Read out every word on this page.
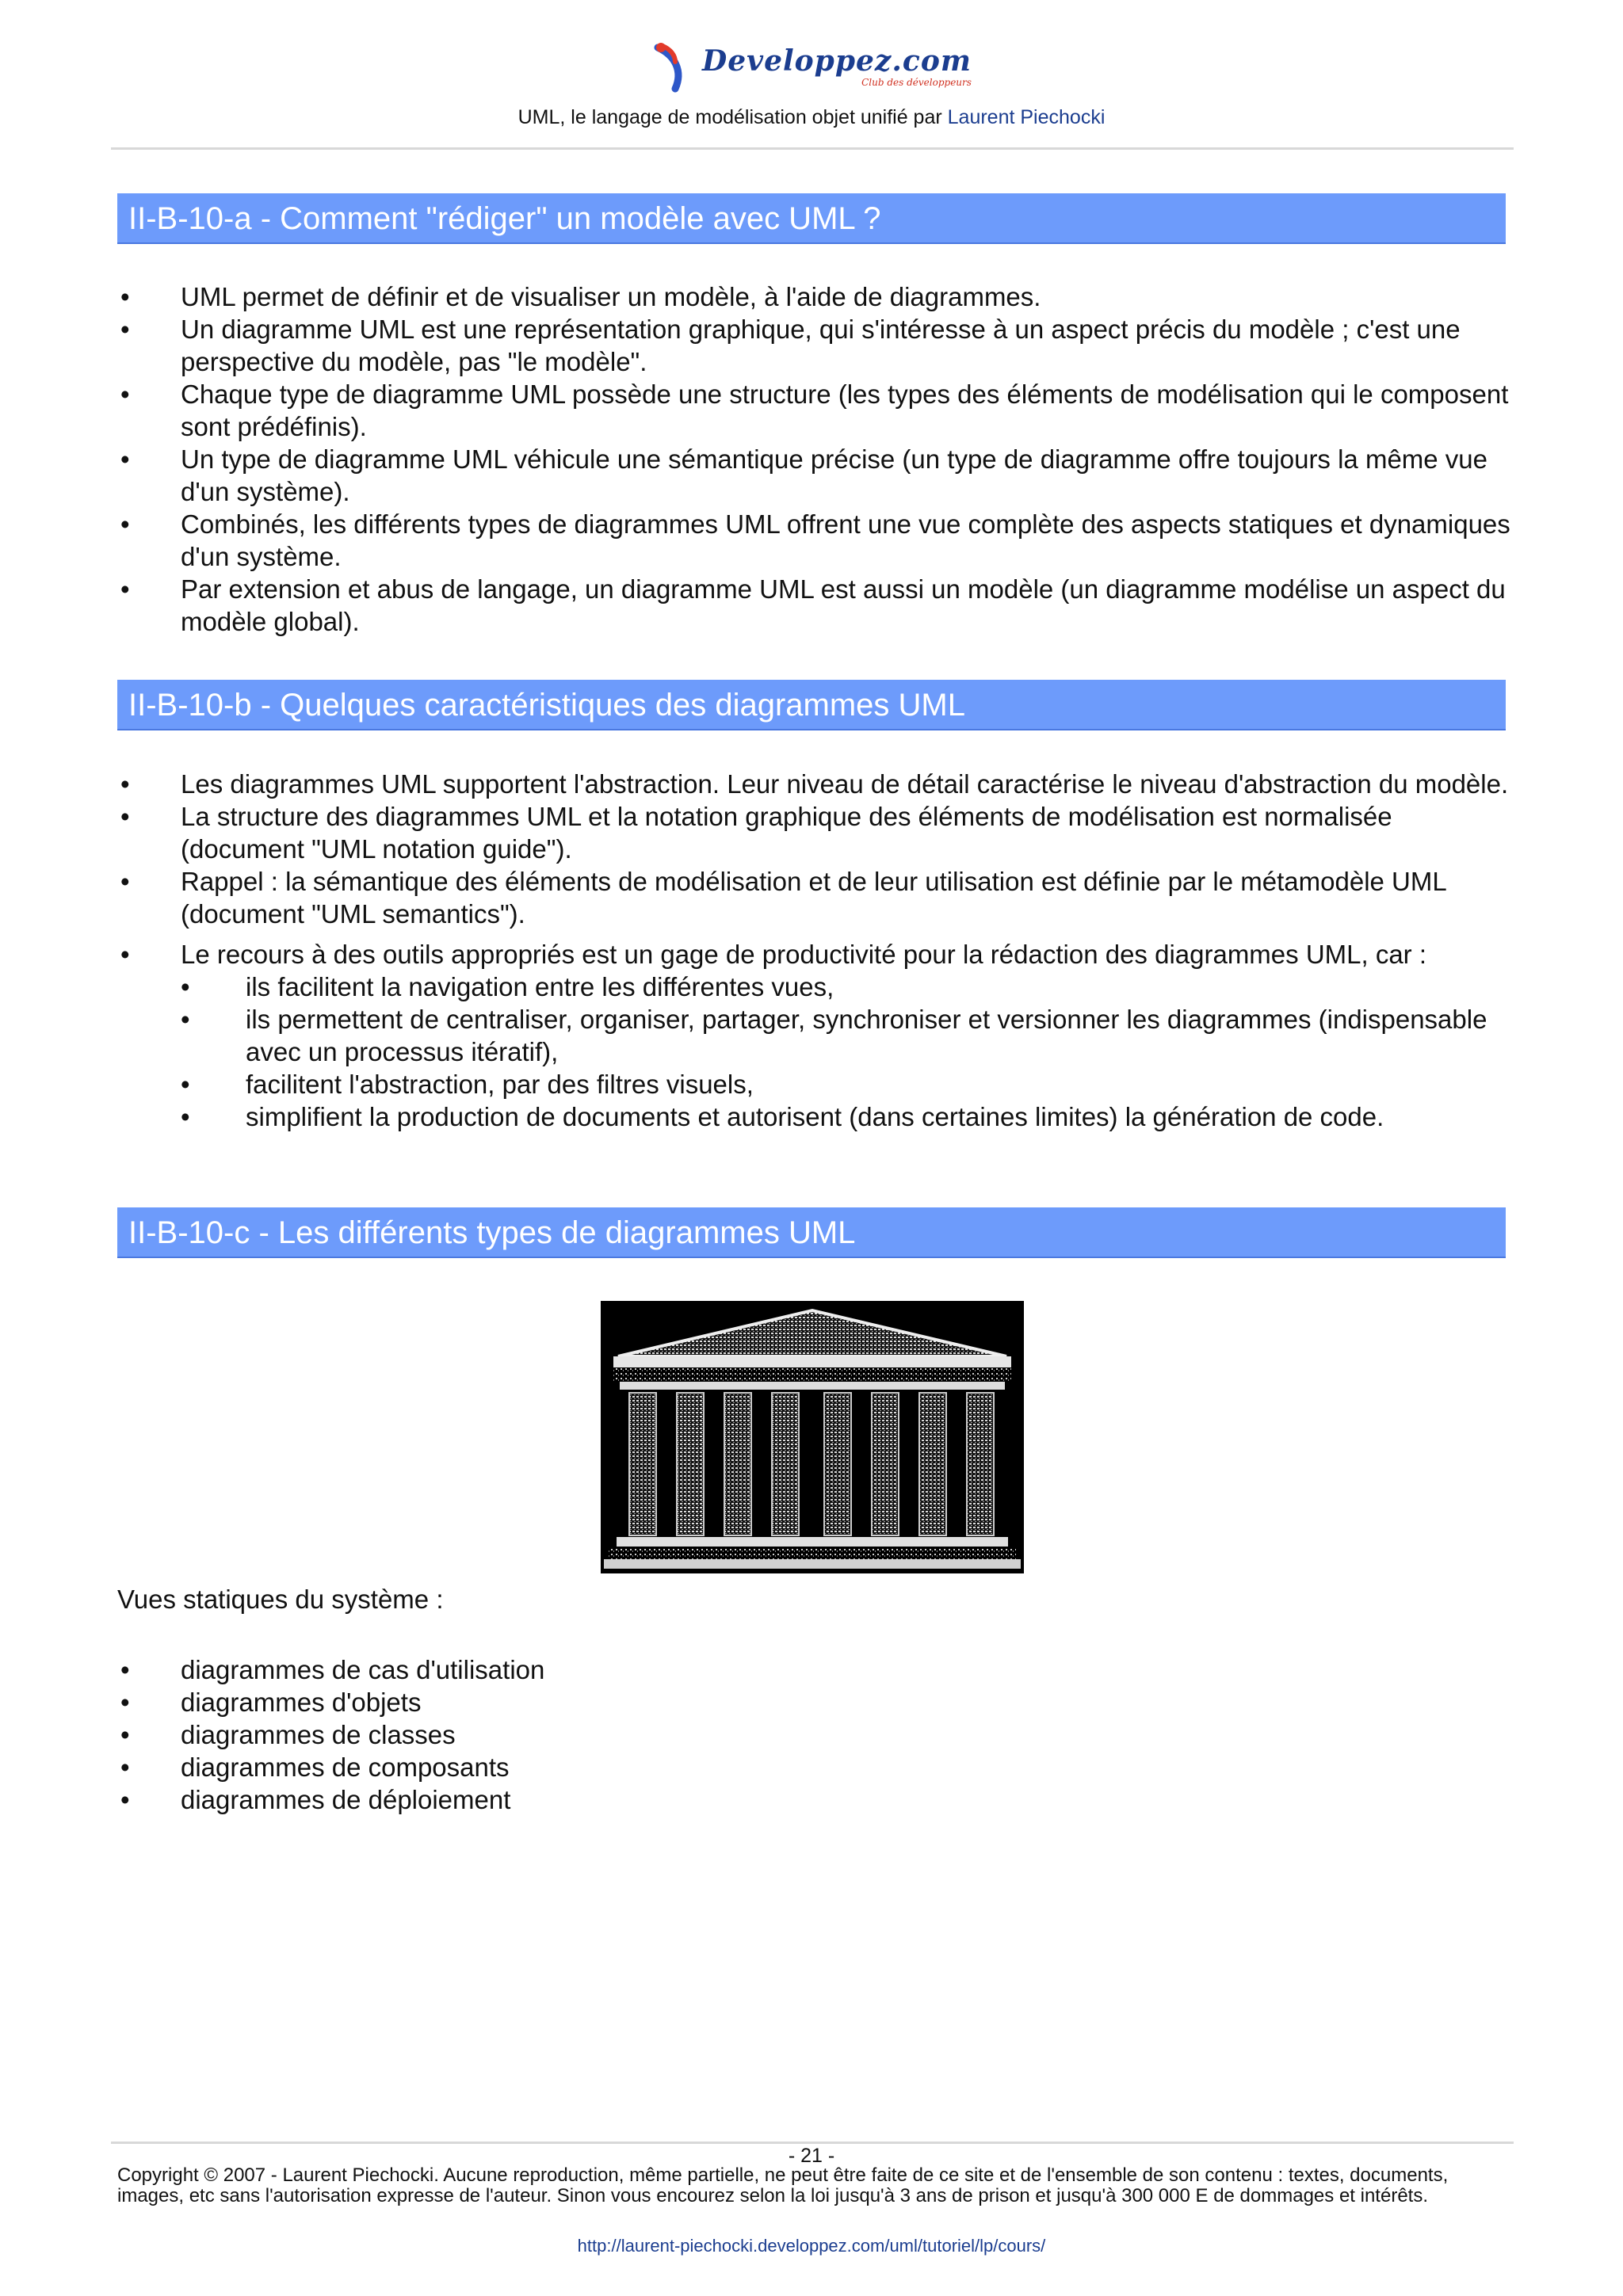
Developpez.com
Club des développeurs
UML, le langage de modélisation objet unifié par Laurent Piechocki
II-B-10-a - Comment "rédiger" un modèle avec UML ?
• UML permet de définir et de visualiser un modèle, à l'aide de diagrammes.
• Un diagramme UML est une représentation graphique, qui s'intéresse à un aspect précis du modèle ; c'est une perspective du modèle, pas "le modèle".
• Chaque type de diagramme UML possède une structure (les types des éléments de modélisation qui le composent sont prédéfinis).
• Un type de diagramme UML véhicule une sémantique précise (un type de diagramme offre toujours la même vue d'un système).
• Combinés, les différents types de diagrammes UML offrent une vue complète des aspects statiques et dynamiques d'un système.
• Par extension et abus de langage, un diagramme UML est aussi un modèle (un diagramme modélise un aspect du modèle global).
II-B-10-b - Quelques caractéristiques des diagrammes UML
• Les diagrammes UML supportent l'abstraction. Leur niveau de détail caractérise le niveau d'abstraction du modèle.
• La structure des diagrammes UML et la notation graphique des éléments de modélisation est normalisée (document "UML notation guide").
• Rappel : la sémantique des éléments de modélisation et de leur utilisation est définie par le métamodèle UML (document "UML semantics").
• Le recours à des outils appropriés est un gage de productivité pour la rédaction des diagrammes UML, car :
• ils facilitent la navigation entre les différentes vues,
• ils permettent de centraliser, organiser, partager, synchroniser et versionner les diagrammes (indispensable avec un processus itératif),
• facilitent l'abstraction, par des filtres visuels,
• simplifient la production de documents et autorisent (dans certaines limites) la génération de code.
II-B-10-c - Les différents types de diagrammes UML
Vues statiques du système :
• diagrammes de cas d'utilisation
• diagrammes d'objets
• diagrammes de classes
• diagrammes de composants
• diagrammes de déploiement
- 21 -
Copyright © 2007 - Laurent Piechocki. Aucune reproduction, même partielle, ne peut être faite de ce site et de l'ensemble de son contenu : textes, documents, images, etc sans l'autorisation expresse de l'auteur. Sinon vous encourez selon la loi jusqu'à 3 ans de prison et jusqu'à 300 000 E de dommages et intérêts.
http://laurent-piechocki.developpez.com/uml/tutoriel/lp/cours/
